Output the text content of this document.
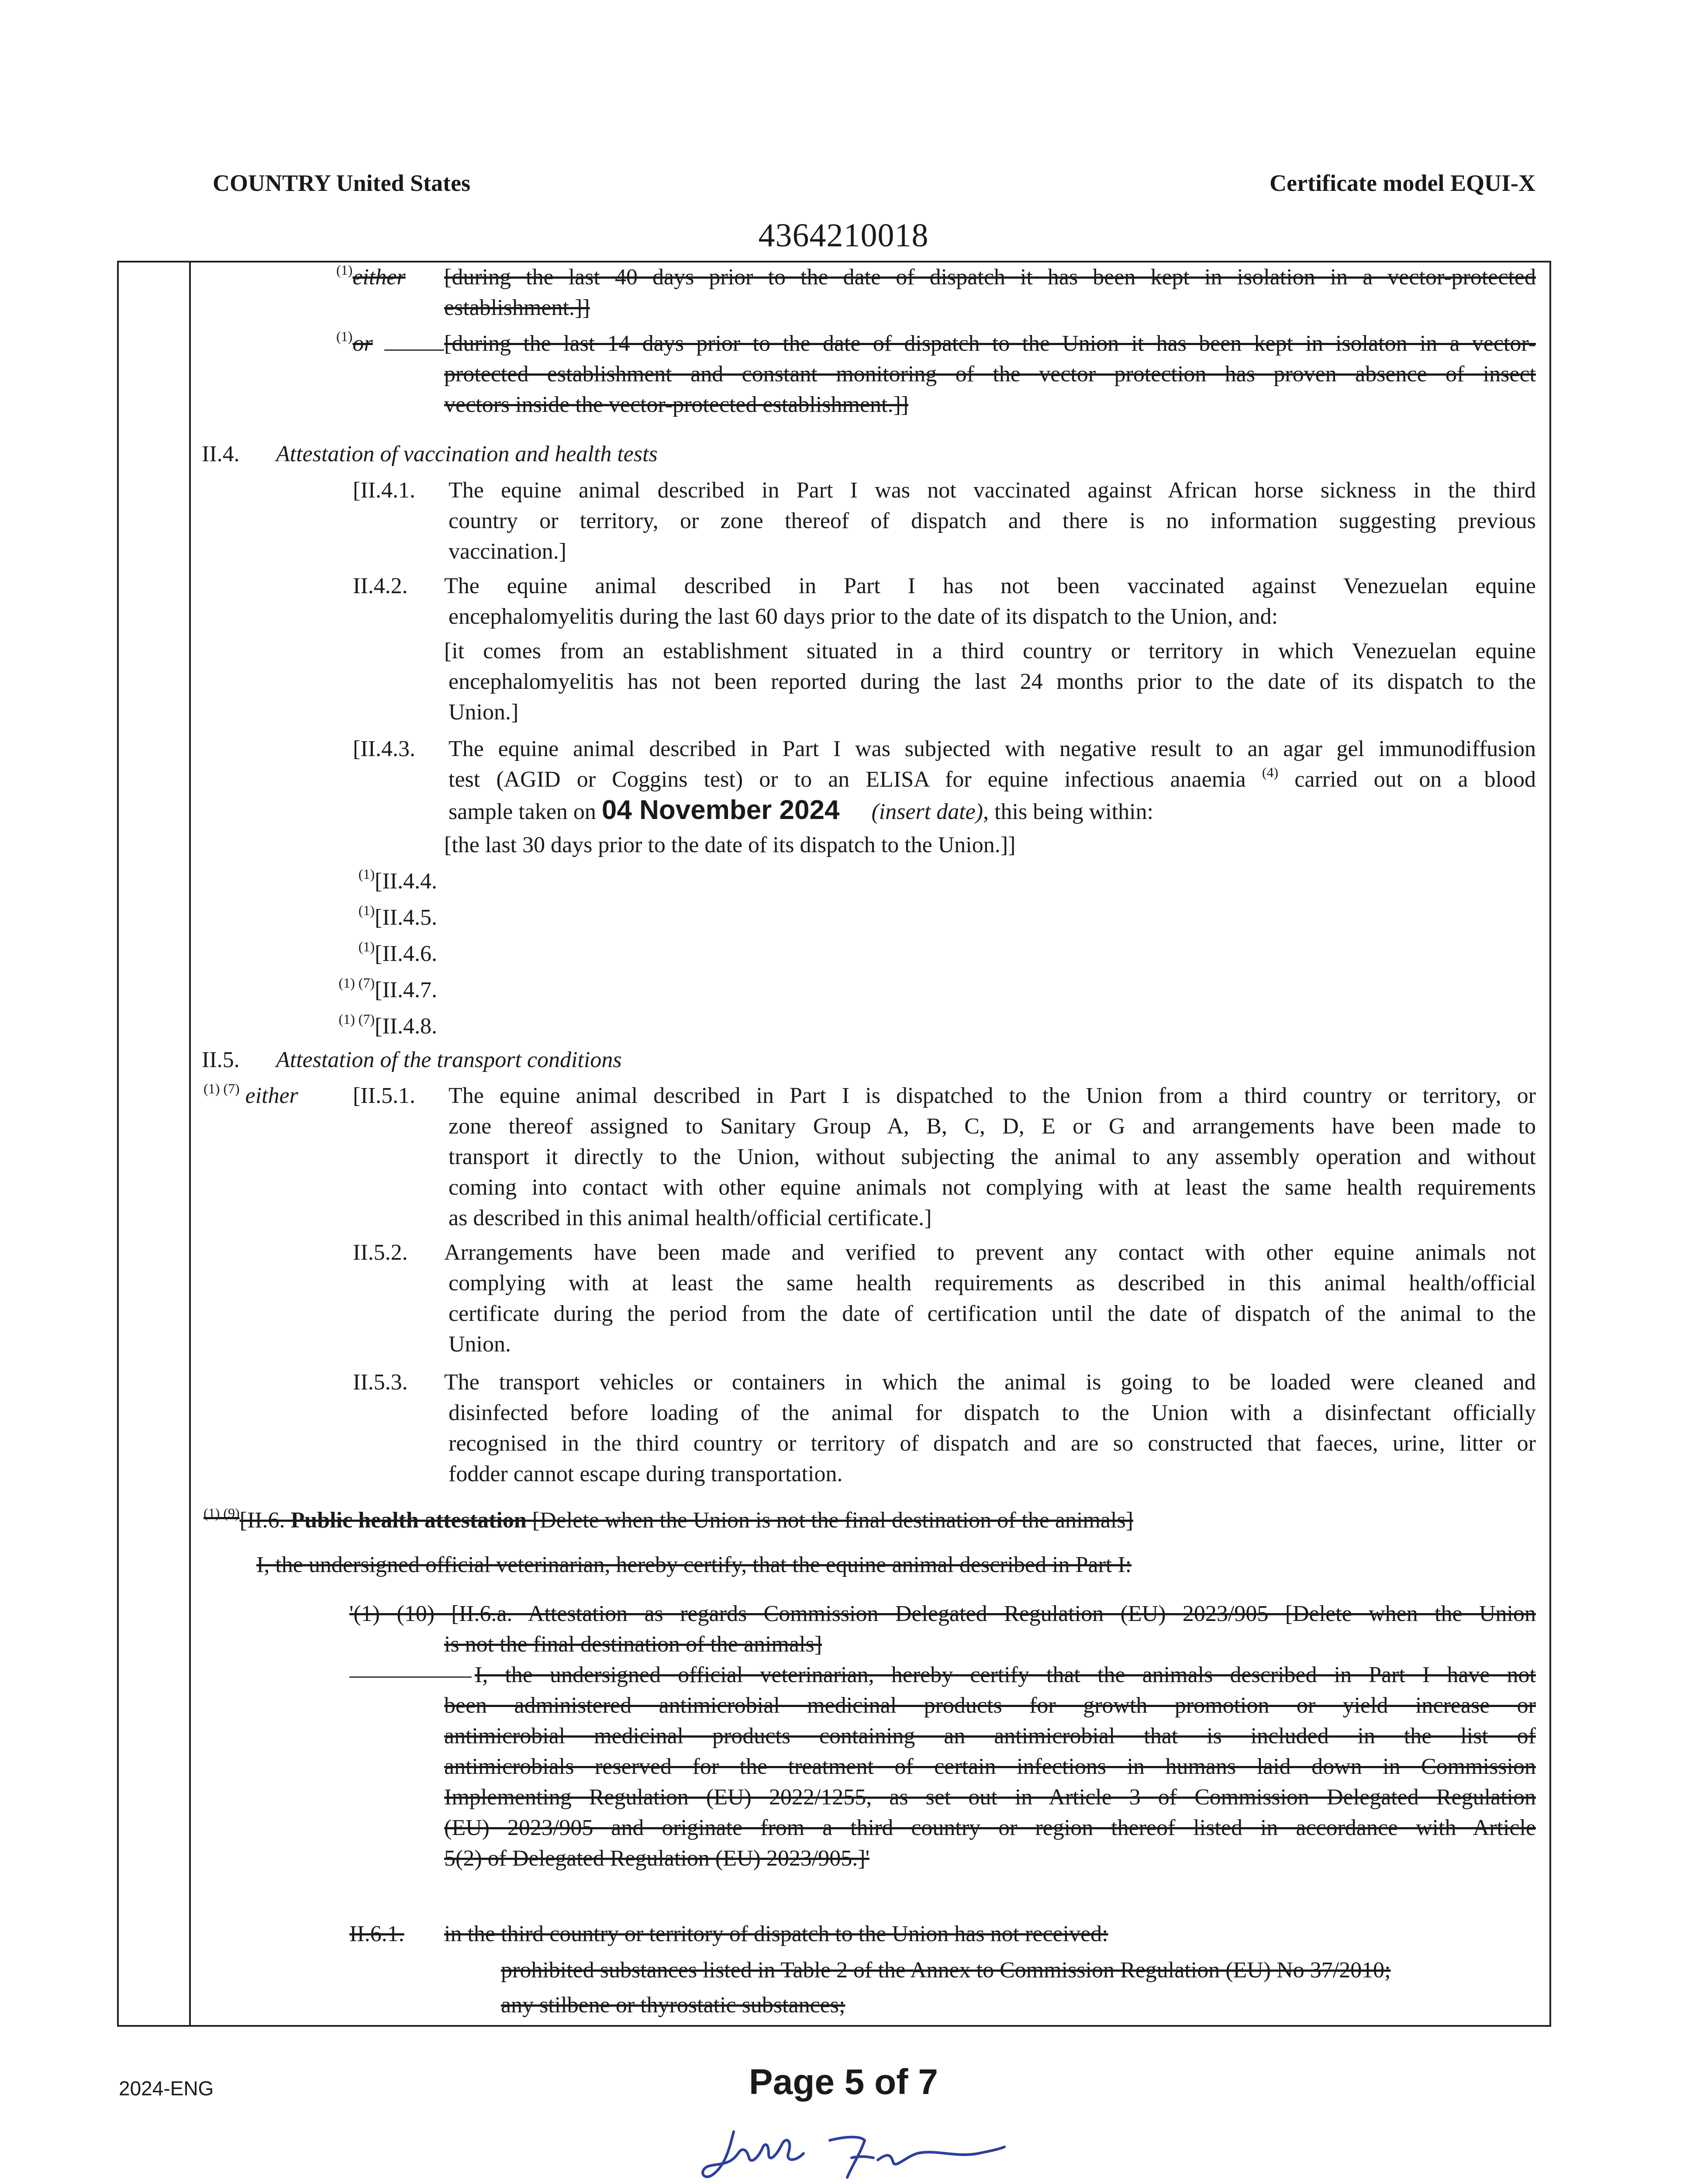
COUNTRY United States	Certificate model EQUI-X
4364210018
$^{(1)}$either [during the last 40 days prior to the date of dispatch it has been kept in isolation in a vector-protected
establishment.]]
$^{(1)}$or	[during the last 14 days prior to the date of dispatch to the Union it has been kept in isolaton in a vector-
protected establishment and constant monitoring of the vector protection has proven absence of insect
vectors inside the vector-protected establishment.]]
II.4. Attestation of vaccination and health tests
[II.4.1. The equine animal described in Part I was not vaccinated against African horse sickness in the third
country or territory, or zone thereof of dispatch and there is no information suggesting previous
vaccination.]
II.4.2. The equine animal described in Part I has not been vaccinated against Venezuelan equine
encephalomyelitis during the last 60 days prior to the date of its dispatch to the Union, and:
[it comes from an establishment situated in a third country or territory in which Venezuelan equine
encephalomyelitis has not been reported during the last 24 months prior to the date of its dispatch to the
Union.]
[II.4.3. The equine animal described in Part I was subjected with negative result to an agar gel immunodiffusion
test (AGID or Coggins test) or to an ELISA for equine infectious anaemia $^{(4)}$ carried out on a blood
sample taken on 04 November 2024 (insert date), this being within:
[the last 30 days prior to the date of its dispatch to the Union.]]
$^{(1)}$[II.4.4.
$^{(1)}$[II.4.5.
$^{(1)}$[II.4.6.
$^{(1) (7)}$[II.4.7.
$^{(1) (7)}$[II.4.8.
II.5. Attestation of the transport conditions
$^{(1) (7)}$ either [II.5.1. The equine animal described in Part I is dispatched to the Union from a third country or territory, or
zone thereof assigned to Sanitary Group A, B, C, D, E or G and arrangements have been made to
transport it directly to the Union, without subjecting the animal to any assembly operation and without
coming into contact with other equine animals not complying with at least the same health requirements
as described in this animal health/official certificate.]
II.5.2. Arrangements have been made and verified to prevent any contact with other equine animals not
complying with at least the same health requirements as described in this animal health/official
certificate during the period from the date of certification until the date of dispatch of the animal to the
Union.
II.5.3. The transport vehicles or containers in which the animal is going to be loaded were cleaned and
disinfected before loading of the animal for dispatch to the Union with a disinfectant officially
recognised in the third country or territory of dispatch and are so constructed that faeces, urine, litter or
fodder cannot escape during transportation.
$^{(1) (9)}$[II.6. Public health attestation [Delete when the Union is not the final destination of the animals]
I, the undersigned official veterinarian, hereby certify, that the equine animal described in Part I:
'(1) (10) [II.6.a. Attestation as regards Commission Delegated Regulation (EU) 2023/905 [Delete when the Union
is not the final destination of the animals]
I, the undersigned official veterinarian, hereby certify that the animals described in Part I have not
been administered antimicrobial medicinal products for growth promotion or yield increase or
antimicrobial medicinal products containing an antimicrobial that is included in the list of
antimicrobials reserved for the treatment of certain infections in humans laid down in Commission
Implementing Regulation (EU) 2022/1255, as set out in Article 3 of Commission Delegated Regulation
(EU) 2023/905 and originate from a third country or region thereof listed in accordance with Article
5(2) of Delegated Regulation (EU) 2023/905.]'
II.6.1. in the third country or territory of dispatch to the Union has not received:
prohibited substances listed in Table 2 of the Annex to Commission Regulation (EU) No 37/2010;
any stilbene or thyrostatic substances;
2024-ENG	Page 5 of 7
